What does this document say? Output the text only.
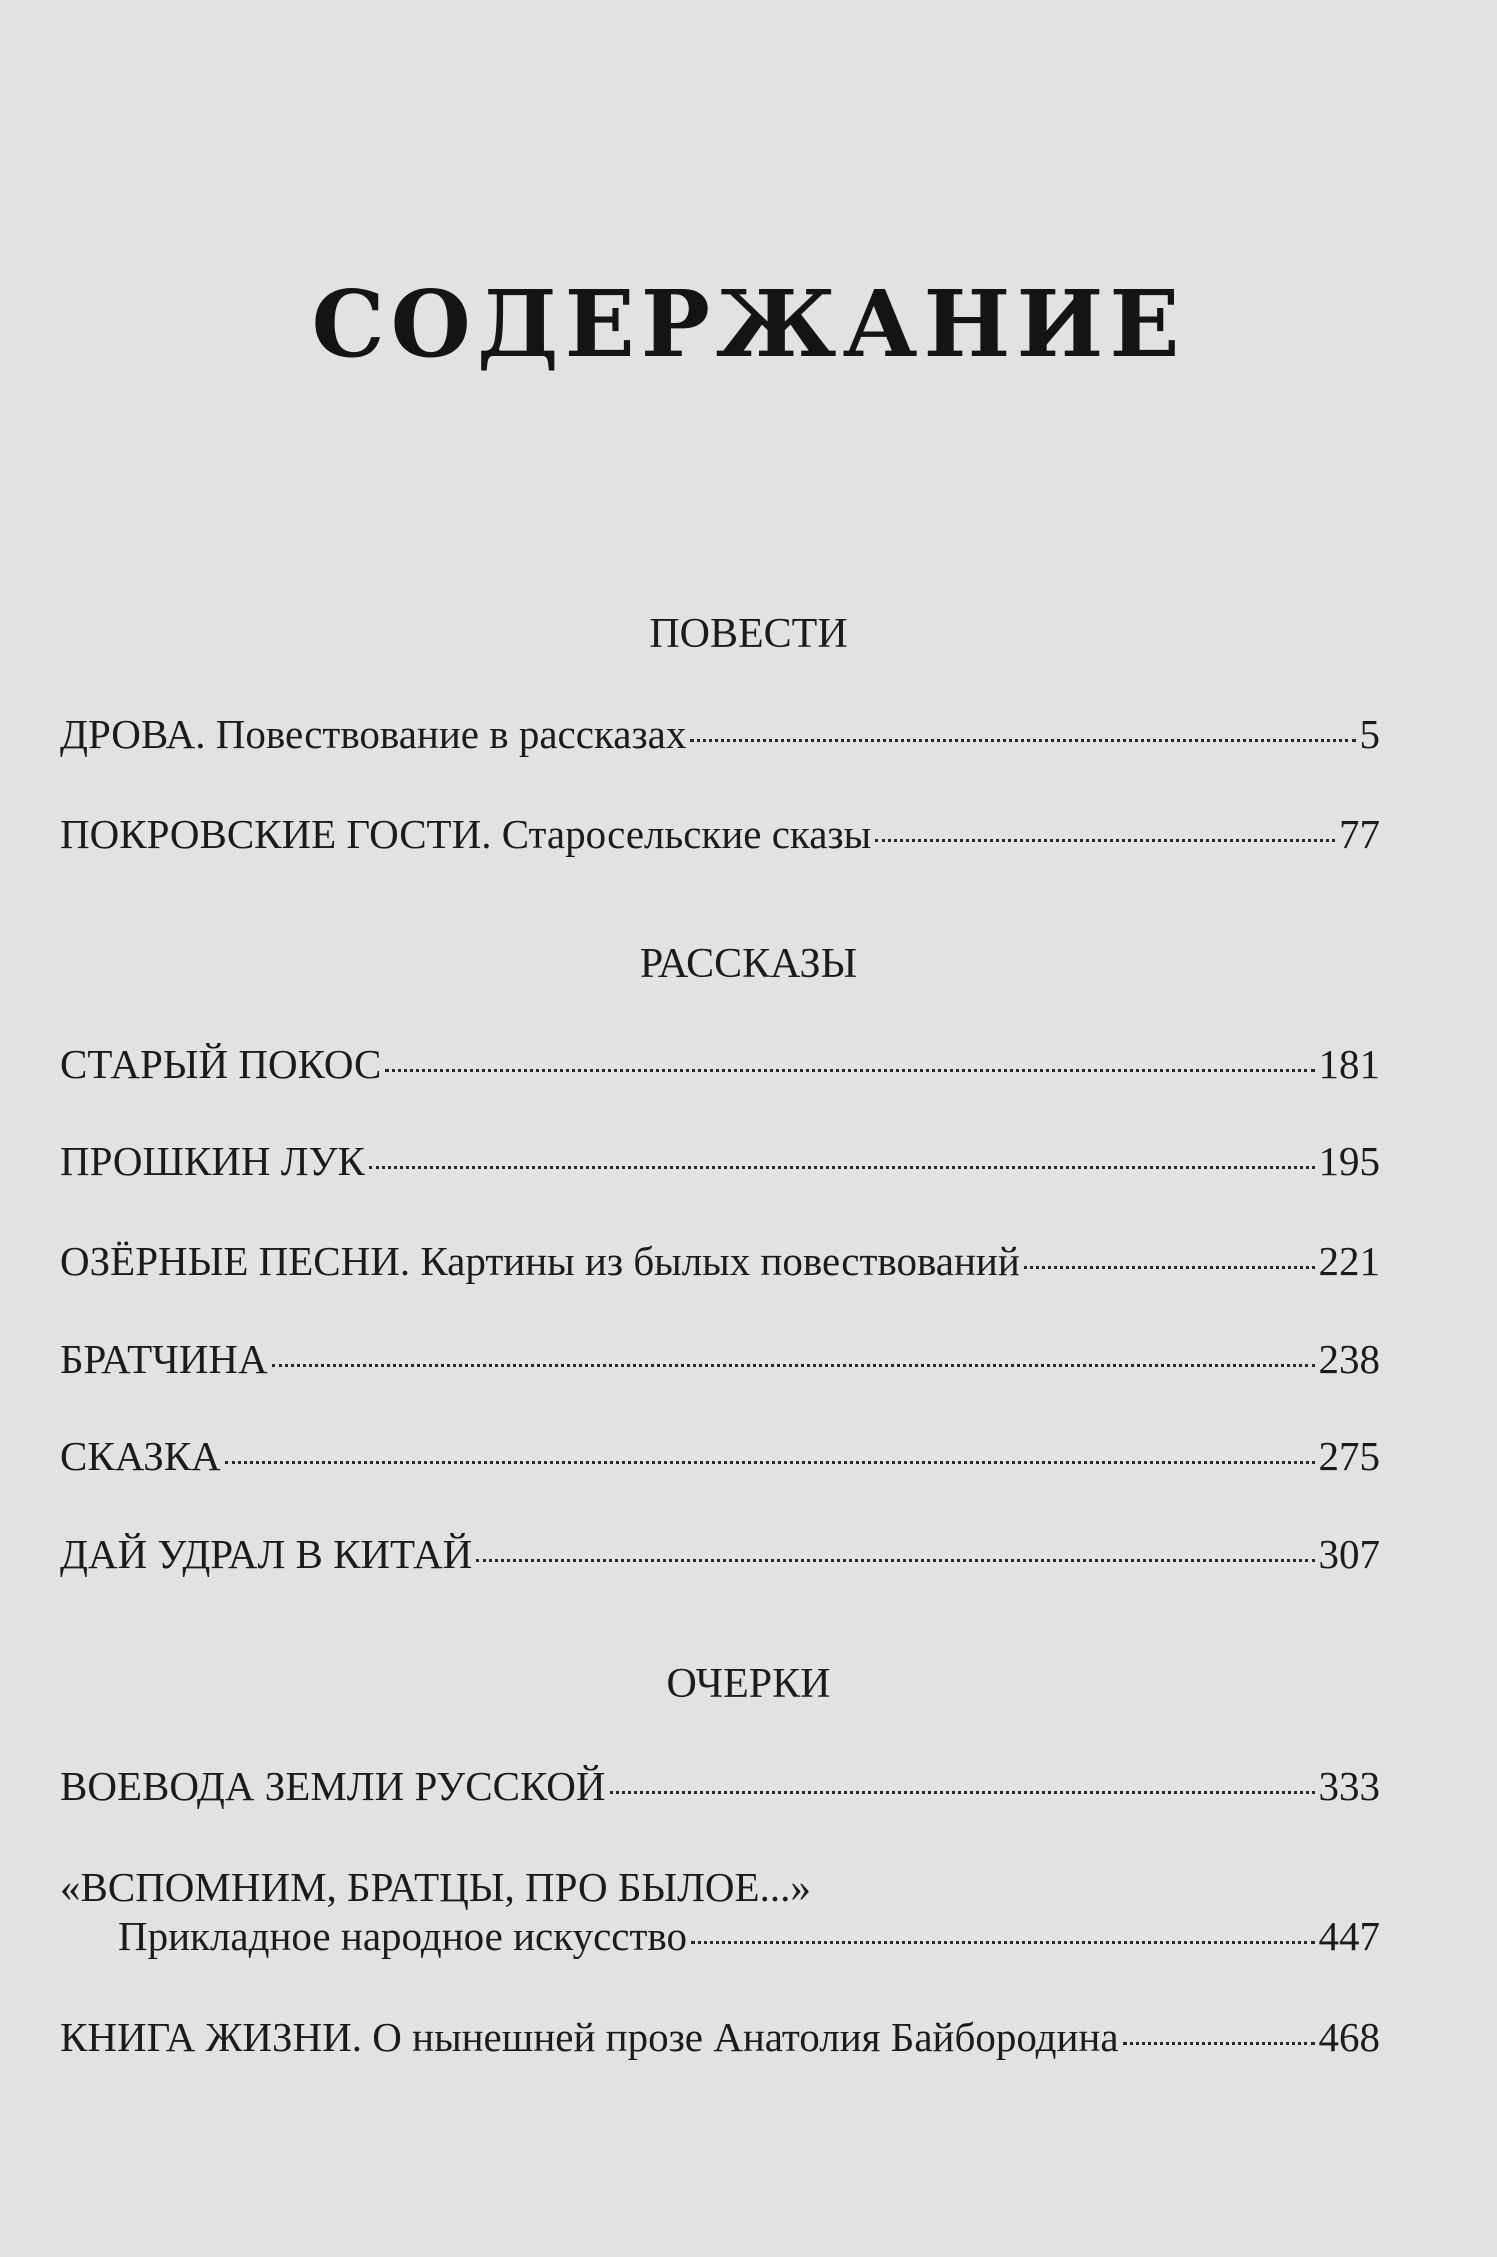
СОДЕРЖАНИЕ
ПОВЕСТИ
ДРОВА. Повествование в рассказах	5
ПОКРОВСКИЕ ГОСТИ. Старосельские сказы	77
РАССКАЗЫ
СТАРЫЙ ПОКОС	181
ПРОШКИН ЛУК	195
ОЗЁРНЫЕ ПЕСНИ. Картины из былых повествований	221
БРАТЧИНА	238
СКАЗКА	275
ДАЙ УДРАЛ В КИТАЙ	307
ОЧЕРКИ
ВОЕВОДА ЗЕМЛИ РУССКОЙ	333
«ВСПОМНИМ, БРАТЦЫ, ПРО БЫЛОЕ...»
Прикладное народное искусство	447
КНИГА ЖИЗНИ. О нынешней прозе Анатолия Байбородина	468
